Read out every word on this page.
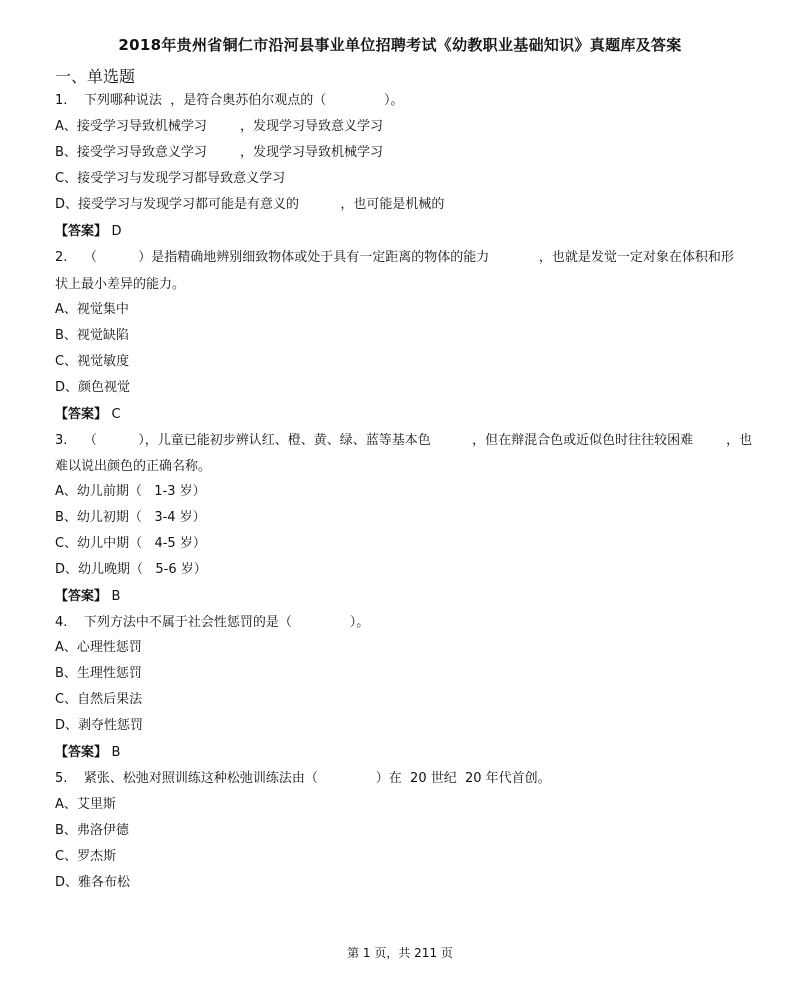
2018年贵州省铜仁市沿河县事业单位招聘考试《幼教职业基础知识》真题库及答案
一、单选题
1.    下列哪种说法  ，是符合奥苏伯尔观点的（              ）。
A、接受学习导致机械学习        ，发现学习导致意义学习
B、接受学习导致意义学习        ，发现学习导致机械学习
C、接受学习与发现学习都导致意义学习
D、接受学习与发现学习都可能是有意义的          ，也可能是机械的
【答案】 D
2.    （          ）是指精确地辨别细致物体或处于具有一定距离的物体的能力            ，也就是发觉一定对象在体积和形
状上最小差异的能力。
A、视觉集中
B、视觉缺陷
C、视觉敏度
D、颜色视觉
【答案】 C
3.    （          ），儿童已能初步辨认红、橙、黄、绿、蓝等基本色          ，但在辩混合色或近似色时往往较困难        ，也
难以说出颜色的正确名称。
A、幼儿前期（   1-3 岁）
B、幼儿初期（   3-4 岁）
C、幼儿中期（   4-5 岁）
D、幼儿晚期（   5-6 岁）
【答案】 B
4.    下列方法中不属于社会性惩罚的是（              ）。
A、心理性惩罚
B、生理性惩罚
C、自然后果法
D、剥夺性惩罚
【答案】 B
5.    紧张、松弛对照训练这种松弛训练法由（              ）在  20 世纪  20 年代首创。
A、艾里斯
B、弗洛伊德
C、罗杰斯
D、雅各布松
第 1 页，共 211 页
